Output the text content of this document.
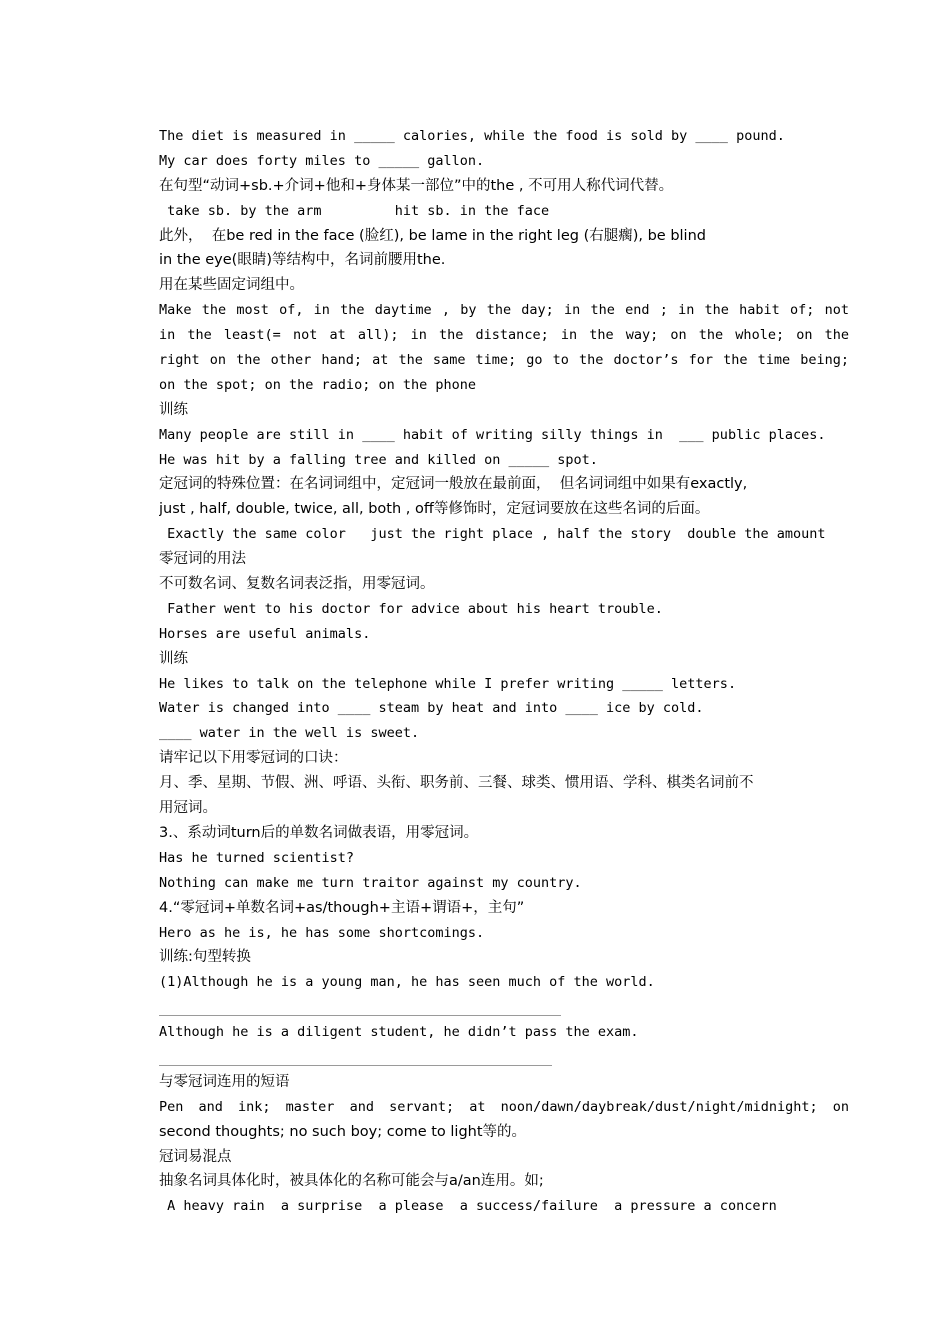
The diet is measured in _____ calories, while the food is sold by ____ pound.
My car does forty miles to _____ gallon.
在句型“动词+sb.+介词+他和+身体某一部位”中的the , 不可用人称代词代替。
take sb. by the arm         hit sb. in the face
此外，  在be red in the face (脸红), be lame in the right leg (右腿瘸), be blind
in the eye(眼睛)等结构中，名词前腰用the.
用在某些固定词组中。
Make the most of, in the daytime , by the day; in the end ; in the habit of; not
in the least(= not at all); in the distance; in the way; on the whole; on the
right on the other hand; at the same time; go to the doctor’s for the time being;
on the spot; on the radio; on the phone
训练
Many people are still in ____ habit of writing silly things in  ___ public places.
He was hit by a falling tree and killed on _____ spot.
定冠词的特殊位置：在名词词组中，定冠词一般放在最前面，  但名词词组中如果有exactly,
just , half, double, twice, all, both , off等修饰时，定冠词要放在这些名词的后面。
Exactly the same color   just the right place , half the story  double the amount
零冠词的用法
不可数名词、复数名词表泛指，用零冠词。
Father went to his doctor for advice about his heart trouble.
Horses are useful animals.
训练
He likes to talk on the telephone while I prefer writing _____ letters.
Water is changed into ____ steam by heat and into ____ ice by cold.
____ water in the well is sweet.
请牢记以下用零冠词的口诀：
月、季、星期、节假、洲、呼语、头衔、职务前、三餐、球类、惯用语、学科、棋类名词前不
用冠词。
3.、系动词turn后的单数名词做表语，用零冠词。
Has he turned scientist?
Nothing can make me turn traitor against my country.
4.“零冠词+单数名词+as/though+主语+谓语+，主句”
Hero as he is, he has some shortcomings.
训练:句型转换
(1)Although he is a young man, he has seen much of the world.
Although he is a diligent student, he didn’t pass the exam.
与零冠词连用的短语
Pen and ink; master and servant; at noon/dawn/daybreak/dust/night/midnight; on
second thoughts; no such boy; come to light等的。
冠词易混点
抽象名词具体化时，被具体化的名称可能会与a/an连用。如;
A heavy rain  a surprise  a please  a success/failure  a pressure a concern
